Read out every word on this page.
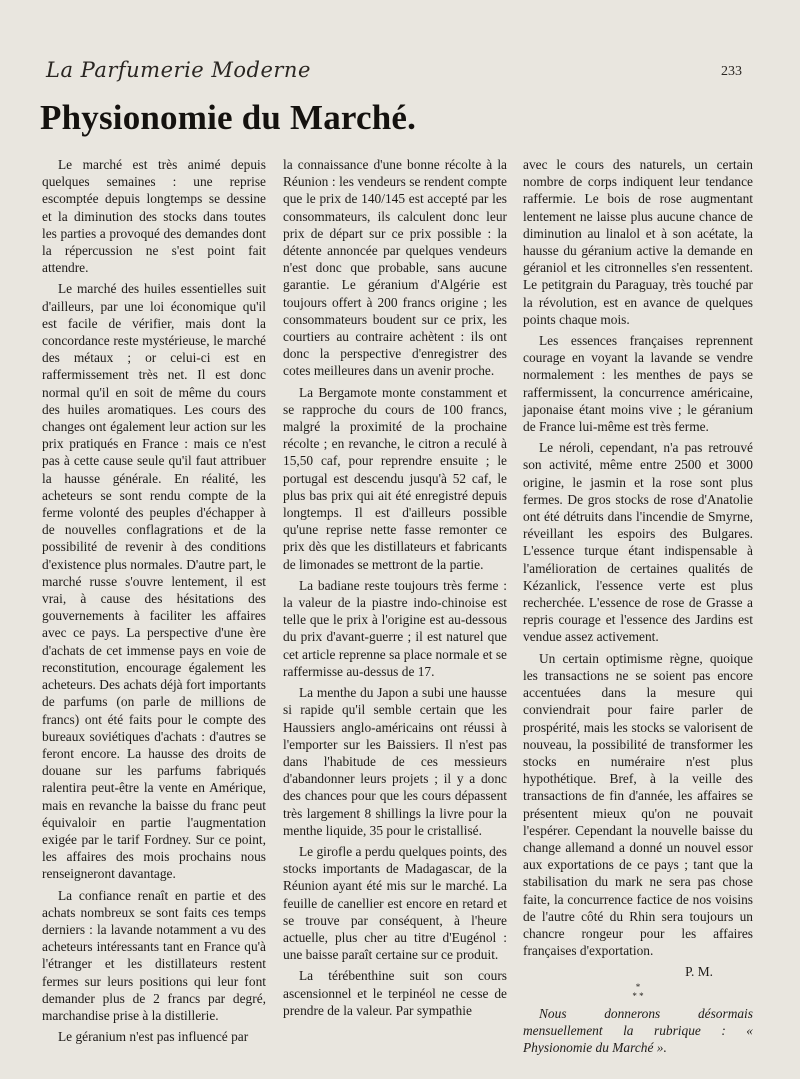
La Parfumerie Moderne	233
Physionomie du Marché.

Le marché est très animé depuis quelques semaines : une reprise escomptée depuis longtemps se dessine et la diminution des stocks dans toutes les parties a provoqué des demandes dont la répercussion ne s'est point fait attendre.

Le marché des huiles essentielles suit d'ailleurs, par une loi économique qu'il est facile de vérifier, mais dont la concordance reste mystérieuse, le marché des métaux ; or celui-ci est en raffermissement très net. Il est donc normal qu'il en soit de même du cours des huiles aromatiques. Les cours des changes ont également leur action sur les prix pratiqués en France : mais ce n'est pas à cette cause seule qu'il faut attribuer la hausse générale. En réalité, les acheteurs se sont rendu compte de la ferme volonté des peuples d'échapper à de nouvelles conflagrations et de la possibilité de revenir à des conditions d'existence plus normales. D'autre part, le marché russe s'ouvre lentement, il est vrai, à cause des hésitations des gouvernements à faciliter les affaires avec ce pays. La perspective d'une ère d'achats de cet immense pays en voie de reconstitution, encourage également les acheteurs. Des achats déjà fort importants de parfums (on parle de millions de francs) ont été faits pour le compte des bureaux soviétiques d'achats : d'autres se feront encore. La hausse des droits de douane sur les parfums fabriqués ralentira peut-être la vente en Amérique, mais en revanche la baisse du franc peut équivaloir en partie l'augmentation exigée par le tarif Fordney. Sur ce point, les affaires des mois prochains nous renseigneront davantage.

La confiance renaît en partie et des achats nombreux se sont faits ces temps derniers : la lavande notamment a vu des acheteurs intéressants tant en France qu'à l'étranger et les distillateurs restent fermes sur leurs positions qui leur font demander plus de 2 francs par degré, marchandise prise à la distillerie.

Le géranium n'est pas influencé par

la connaissance d'une bonne récolte à la Réunion : les vendeurs se rendent compte que le prix de 140/145 est accepté par les consommateurs, ils calculent donc leur prix de départ sur ce prix possible : la détente annoncée par quelques vendeurs n'est donc que probable, sans aucune garantie. Le géranium d'Algérie est toujours offert à 200 francs origine ; les consommateurs boudent sur ce prix, les courtiers au contraire achètent : ils ont donc la perspective d'enregistrer des cotes meilleures dans un avenir proche.

La Bergamote monte constamment et se rapproche du cours de 100 francs, malgré la proximité de la prochaine récolte ; en revanche, le citron a reculé à 15,50 caf, pour reprendre ensuite ; le portugal est descendu jusqu'à 52 caf, le plus bas prix qui ait été enregistré depuis longtemps. Il est d'ailleurs possible qu'une reprise nette fasse remonter ce prix dès que les distillateurs et fabricants de limonades se mettront de la partie.

La badiane reste toujours très ferme : la valeur de la piastre indo-chinoise est telle que le prix à l'origine est au-dessous du prix d'avant-guerre ; il est naturel que cet article reprenne sa place normale et se raffermisse au-dessus de 17.

La menthe du Japon a subi une hausse si rapide qu'il semble certain que les Haussiers anglo-américains ont réussi à l'emporter sur les Baissiers. Il n'est pas dans l'habitude de ces messieurs d'abandonner leurs projets ; il y a donc des chances pour que les cours dépassent très largement 8 shillings la livre pour la menthe liquide, 35 pour le cristallisé.

Le girofle a perdu quelques points, des stocks importants de Madagascar, de la Réunion ayant été mis sur le marché. La feuille de canellier est encore en retard et se trouve par conséquent, à l'heure actuelle, plus cher au titre d'Eugénol : une baisse paraît certaine sur ce produit.

La térébenthine suit son cours ascensionnel et le terpinéol ne cesse de prendre de la valeur. Par sympathie

avec le cours des naturels, un certain nombre de corps indiquent leur tendance raffermie. Le bois de rose augmentant lentement ne laisse plus aucune chance de diminution au linalol et à son acétate, la hausse du géranium active la demande en géraniol et les citronnelles s'en ressentent. Le petitgrain du Paraguay, très touché par la révolution, est en avance de quelques points chaque mois.

Les essences françaises reprennent courage en voyant la lavande se vendre normalement : les menthes de pays se raffermissent, la concurrence américaine, japonaise étant moins vive ; le géranium de France lui-même est très ferme.

Le néroli, cependant, n'a pas retrouvé son activité, même entre 2500 et 3000 origine, le jasmin et la rose sont plus fermes. De gros stocks de rose d'Anatolie ont été détruits dans l'incendie de Smyrne, réveillant les espoirs des Bulgares. L'essence turque étant indispensable à l'amélioration de certaines qualités de Kézanlick, l'essence verte est plus recherchée. L'essence de rose de Grasse a repris courage et l'essence des Jardins est vendue assez activement.

Un certain optimisme règne, quoique les transactions ne se soient pas encore accentuées dans la mesure qui conviendrait pour faire parler de prospérité, mais les stocks se valorisent de nouveau, la possibilité de transformer les stocks en numéraire n'est plus hypothétique. Bref, à la veille des transactions de fin d'année, les affaires se présentent mieux qu'on ne pouvait l'espérer. Cependant la nouvelle baisse du change allemand a donné un nouvel essor aux exportations de ce pays ; tant que la stabilisation du mark ne sera pas chose faite, la concurrence factice de nos voisins de l'autre côté du Rhin sera toujours un chancre rongeur pour les affaires françaises d'exportation.

P. M.
*
* *

Nous donnerons désormais mensuellement la rubrique : « Physionomie du Marché ».
